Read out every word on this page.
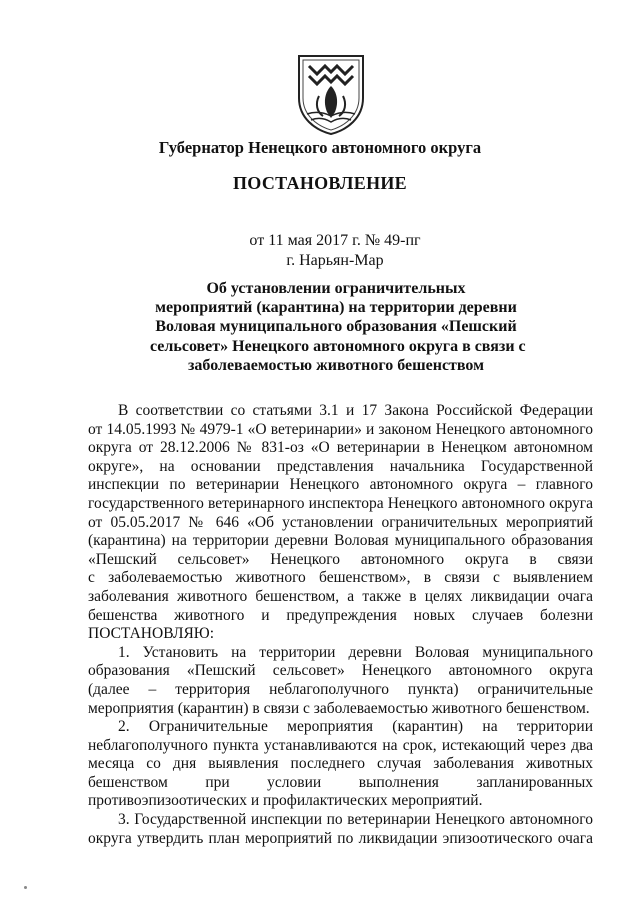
Губернатор Ненецкого автономного округа
ПОСТАНОВЛЕНИЕ
от 11 мая 2017 г. № 49-пг
г. Нарьян-Мар
Об установлении ограничительных
мероприятий (карантина) на территории деревни
Воловая муниципального образования «Пешский
сельсовет» Ненецкого автономного округа в связи с
заболеваемостью животного бешенством
В соответствии со статьями 3.1 и 17 Закона Российской Федерации
от 14.05.1993 № 4979-1 «О ветеринарии» и законом Ненецкого автономного
округа от 28.12.2006 № 831-оз «О ветеринарии в Ненецком автономном
округе», на основании представления начальника Государственной
инспекции по ветеринарии Ненецкого автономного округа – главного
государственного ветеринарного инспектора Ненецкого автономного округа
от 05.05.2017 № 646 «Об установлении ограничительных мероприятий
(карантина) на территории деревни Воловая муниципального образования
«Пешский сельсовет» Ненецкого автономного округа в связи
с заболеваемостью животного бешенством», в связи с выявлением
заболевания животного бешенством, а также в целях ликвидации очага
бешенства животного и предупреждения новых случаев болезни
ПОСТАНОВЛЯЮ:
1. Установить на территории деревни Воловая муниципального
образования «Пешский сельсовет» Ненецкого автономного округа
(далее – территория неблагополучного пункта) ограничительные
мероприятия (карантин) в связи с заболеваемостью животного бешенством.
2. Ограничительные мероприятия (карантин) на территории
неблагополучного пункта устанавливаются на срок, истекающий через два
месяца со дня выявления последнего случая заболевания животных
бешенством при условии выполнения запланированных
противоэпизоотических и профилактических мероприятий.
3. Государственной инспекции по ветеринарии Ненецкого автономного
округа утвердить план мероприятий по ликвидации эпизоотического очага
